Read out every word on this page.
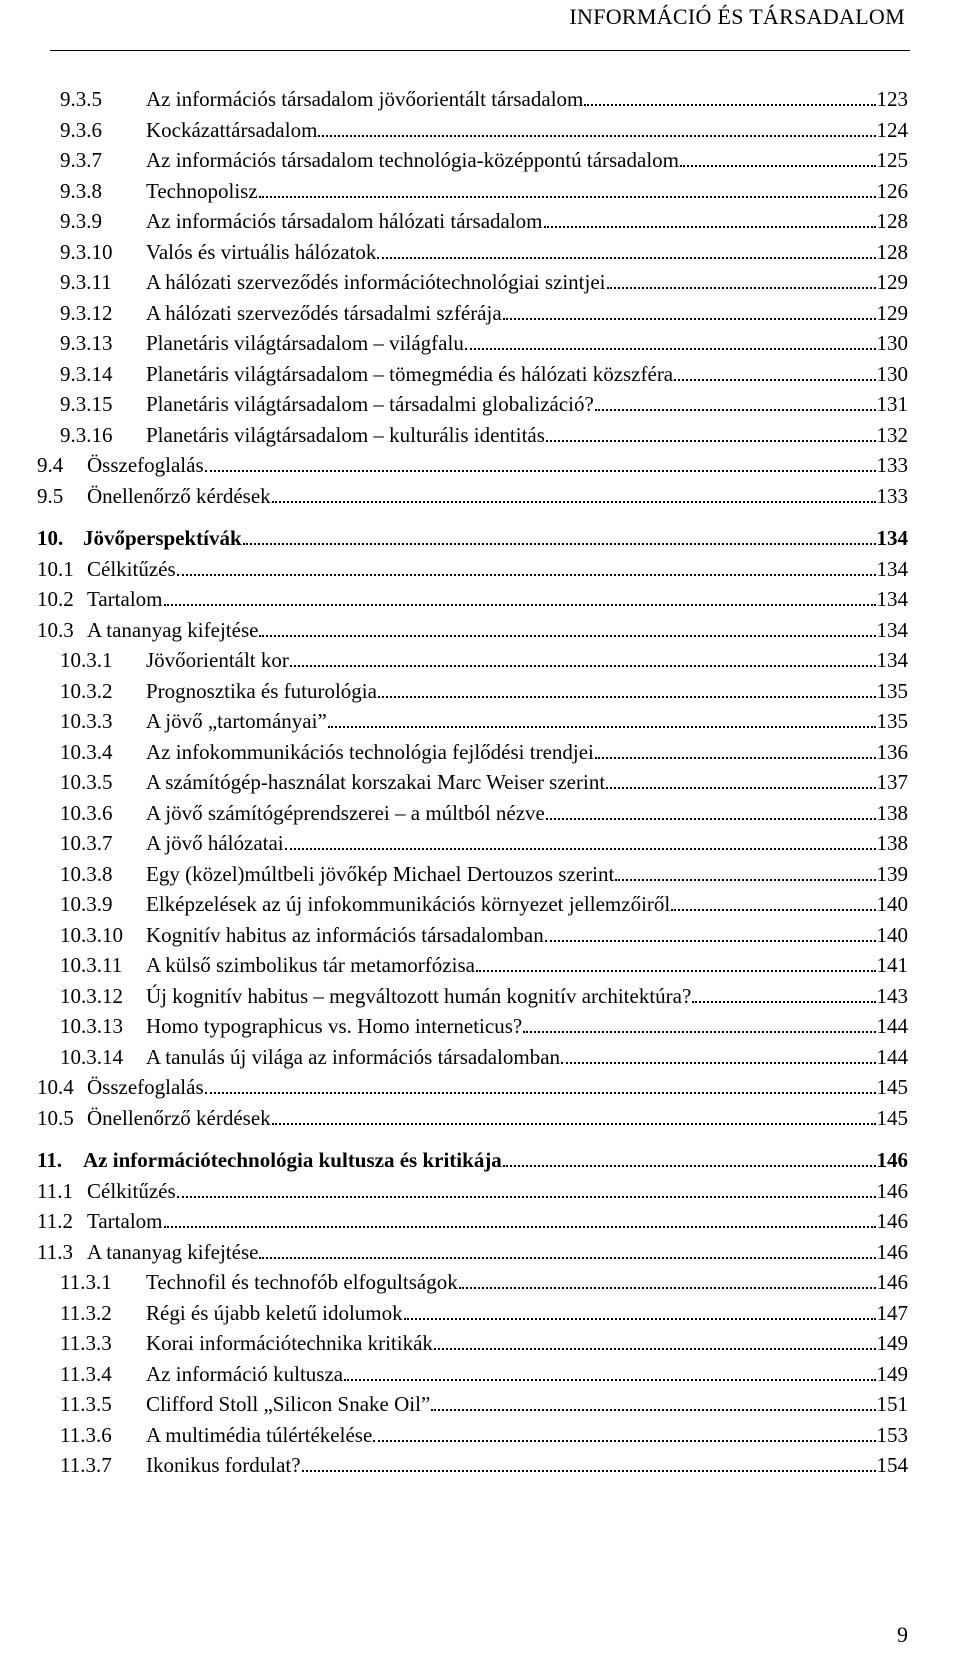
INFORMÁCIÓ ÉS TÁRSADALOM
9.3.5	Az információs társadalom jövőorientált társadalom	123
9.3.6	Kockázattársadalom	124
9.3.7	Az információs társadalom technológia-középpontú társadalom	125
9.3.8	Technopolisz	126
9.3.9	Az információs társadalom hálózati társadalom	128
9.3.10	Valós és virtuális hálózatok	128
9.3.11	A hálózati szerveződés információtechnológiai szintjei	129
9.3.12	A hálózati szerveződés társadalmi szférája	129
9.3.13	Planetáris világtársadalom – világfalu	130
9.3.14	Planetáris világtársadalom – tömegmédia és hálózati közszféra	130
9.3.15	Planetáris világtársadalom – társadalmi globalizáció?	131
9.3.16	Planetáris világtársadalom – kulturális identitás	132
9.4	Összefoglalás	133
9.5	Önellenőrző kérdések	133
10. Jövőperspektívák	134
10.1 Célkitűzés	134
10.2 Tartalom	134
10.3 A tananyag kifejtése	134
10.3.1	Jövőorientált kor	134
10.3.2	Prognosztika és futurológia	135
10.3.3	A jövő „tartományai”	135
10.3.4	Az infokommunikációs technológia fejlődési trendjei	136
10.3.5	A számítógép-használat korszakai Marc Weiser szerint	137
10.3.6	A jövő számítógéprendszerei – a múltból nézve	138
10.3.7	A jövő hálózatai	138
10.3.8	Egy (közel)múltbeli jövőkép Michael Dertouzos szerint	139
10.3.9	Elképzelések az új infokommunikációs környezet jellemzőiről	140
10.3.10	Kognitív habitus az információs társadalomban	140
10.3.11	A külső szimbolikus tár metamorfózisa	141
10.3.12	Új kognitív habitus – megváltozott humán kognitív architektúra?	143
10.3.13	Homo typographicus vs. Homo interneticus?	144
10.3.14	A tanulás új világa az információs társadalomban	144
10.4 Összefoglalás	145
10.5 Önellenőrző kérdések	145
11. Az információtechnológia kultusza és kritikája	146
11.1 Célkitűzés	146
11.2 Tartalom	146
11.3 A tananyag kifejtése	146
11.3.1	Technofil és technofób elfogultságok	146
11.3.2	Régi és újabb keletű idolumok	147
11.3.3	Korai információtechnika kritikák	149
11.3.4	Az információ kultusza	149
11.3.5	Clifford Stoll „Silicon Snake Oil”	151
11.3.6	A multimédia túlértékelése	153
11.3.7	Ikonikus fordulat?	154
9
